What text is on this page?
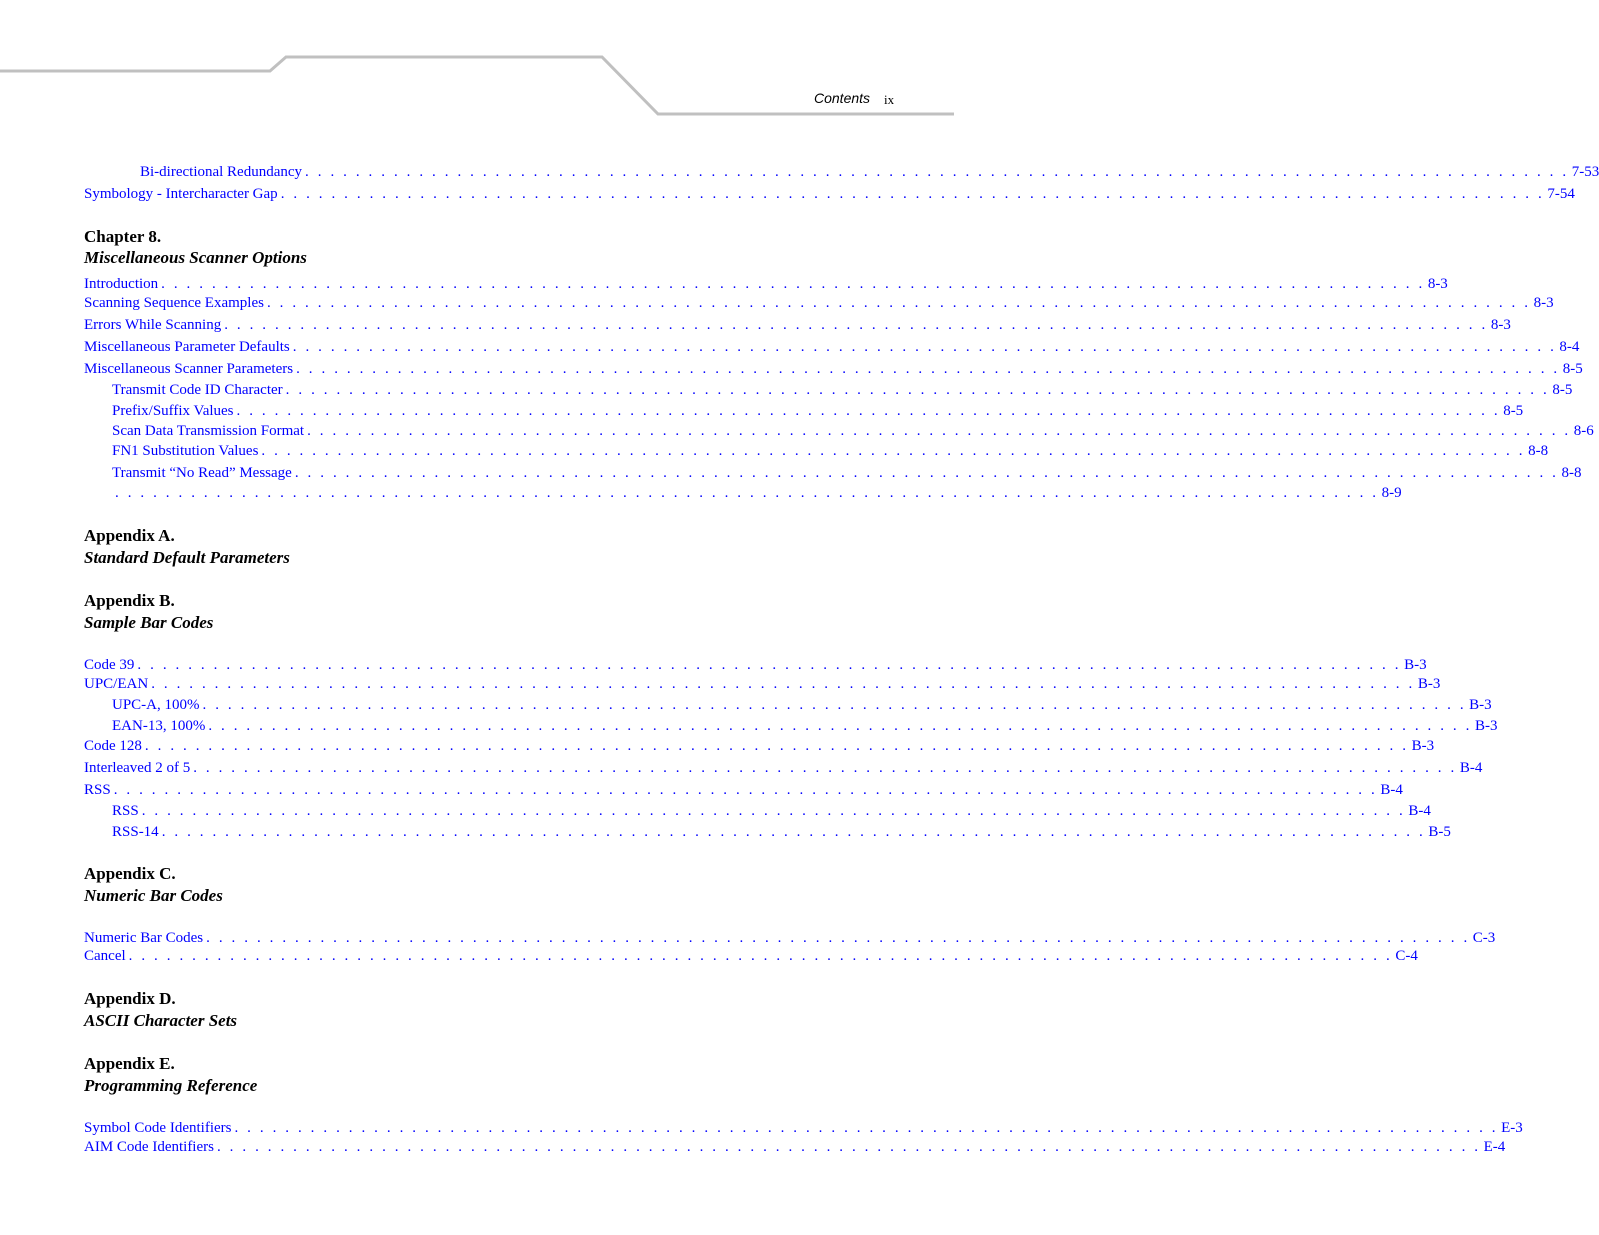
Contents ix
Bi-directional Redundancy . . . . . . . . . . . . . . . . . . . . . . . . . . . . . . . . . . . . . . . . . . . . . . . . . . . . . . . . . . . . . . . . . . . . . . . . . . . . . . . . . . . . . . . . . . . . . . . . . . . . 7-53
Symbology - Intercharacter Gap . . . . . . . . . . . . . . . . . . . . . . . . . . . . . . . . . . . . . . . . . . . . . . . . . . . . . . . . . . . . . . . . . . . . . . . . . . . . . . . . . . . . . . . . . . . . . . . . . . . . 7-54
Chapter 8.
Miscellaneous Scanner Options
Introduction . . . . . . . . . . . . . . . . . . . . . . . . . . . . . . . . . . . . . . . . . . . . . . . . . . . . . . . . . . . . . . . . . . . . . . . . . . . . . . . . . . . . . . . . . . . . . . . . . . . . 8-3
Scanning Sequence Examples . . . . . . . . . . . . . . . . . . . . . . . . . . . . . . . . . . . . . . . . . . . . . . . . . . . . . . . . . . . . . . . . . . . . . . . . . . . . . . . . . . . . . . . . . . . . . . . . . . . . 8-3
Errors While Scanning . . . . . . . . . . . . . . . . . . . . . . . . . . . . . . . . . . . . . . . . . . . . . . . . . . . . . . . . . . . . . . . . . . . . . . . . . . . . . . . . . . . . . . . . . . . . . . . . . . . . 8-3
Miscellaneous Parameter Defaults . . . . . . . . . . . . . . . . . . . . . . . . . . . . . . . . . . . . . . . . . . . . . . . . . . . . . . . . . . . . . . . . . . . . . . . . . . . . . . . . . . . . . . . . . . . . . . . . . . . . 8-4
Miscellaneous Scanner Parameters . . . . . . . . . . . . . . . . . . . . . . . . . . . . . . . . . . . . . . . . . . . . . . . . . . . . . . . . . . . . . . . . . . . . . . . . . . . . . . . . . . . . . . . . . . . . . . . . . . . . 8-5
Transmit Code ID Character . . . . . . . . . . . . . . . . . . . . . . . . . . . . . . . . . . . . . . . . . . . . . . . . . . . . . . . . . . . . . . . . . . . . . . . . . . . . . . . . . . . . . . . . . . . . . . . . . . . . 8-5
Prefix/Suffix Values . . . . . . . . . . . . . . . . . . . . . . . . . . . . . . . . . . . . . . . . . . . . . . . . . . . . . . . . . . . . . . . . . . . . . . . . . . . . . . . . . . . . . . . . . . . . . . . . . . . . 8-5
Scan Data Transmission Format . . . . . . . . . . . . . . . . . . . . . . . . . . . . . . . . . . . . . . . . . . . . . . . . . . . . . . . . . . . . . . . . . . . . . . . . . . . . . . . . . . . . . . . . . . . . . . . . . . . . 8-6
FN1 Substitution Values . . . . . . . . . . . . . . . . . . . . . . . . . . . . . . . . . . . . . . . . . . . . . . . . . . . . . . . . . . . . . . . . . . . . . . . . . . . . . . . . . . . . . . . . . . . . . . . . . . . . 8-8
Transmit “No Read” Message . . . . . . . . . . . . . . . . . . . . . . . . . . . . . . . . . . . . . . . . . . . . . . . . . . . . . . . . . . . . . . . . . . . . . . . . . . . . . . . . . . . . . . . . . . . . . . . . . . . . 8-8
. . . . . . . . . . . . . . . . . . . . . . . . . . . . . . . . . . . . . . . . . . . . . . . . . . . . . . . . . . . . . . . . . . . . . . . . . . . . . . . . . . . . . . . . . . . . . . . . . . . . 8-9
Appendix A.
Standard Default Parameters
Appendix B.
Sample Bar Codes
Code 39 . . . . . . . . . . . . . . . . . . . . . . . . . . . . . . . . . . . . . . . . . . . . . . . . . . . . . . . . . . . . . . . . . . . . . . . . . . . . . . . . . . . . . . . . . . . . . . . . . . . . B-3
UPC/EAN . . . . . . . . . . . . . . . . . . . . . . . . . . . . . . . . . . . . . . . . . . . . . . . . . . . . . . . . . . . . . . . . . . . . . . . . . . . . . . . . . . . . . . . . . . . . . . . . . . . . B-3
UPC-A, 100% . . . . . . . . . . . . . . . . . . . . . . . . . . . . . . . . . . . . . . . . . . . . . . . . . . . . . . . . . . . . . . . . . . . . . . . . . . . . . . . . . . . . . . . . . . . . . . . . . . . . B-3
EAN-13, 100% . . . . . . . . . . . . . . . . . . . . . . . . . . . . . . . . . . . . . . . . . . . . . . . . . . . . . . . . . . . . . . . . . . . . . . . . . . . . . . . . . . . . . . . . . . . . . . . . . . . . B-3
Code 128 . . . . . . . . . . . . . . . . . . . . . . . . . . . . . . . . . . . . . . . . . . . . . . . . . . . . . . . . . . . . . . . . . . . . . . . . . . . . . . . . . . . . . . . . . . . . . . . . . . . . B-3
Interleaved 2 of 5 . . . . . . . . . . . . . . . . . . . . . . . . . . . . . . . . . . . . . . . . . . . . . . . . . . . . . . . . . . . . . . . . . . . . . . . . . . . . . . . . . . . . . . . . . . . . . . . . . . . . B-4
RSS . . . . . . . . . . . . . . . . . . . . . . . . . . . . . . . . . . . . . . . . . . . . . . . . . . . . . . . . . . . . . . . . . . . . . . . . . . . . . . . . . . . . . . . . . . . . . . . . . . . . B-4
RSS . . . . . . . . . . . . . . . . . . . . . . . . . . . . . . . . . . . . . . . . . . . . . . . . . . . . . . . . . . . . . . . . . . . . . . . . . . . . . . . . . . . . . . . . . . . . . . . . . . . . B-4
RSS-14 . . . . . . . . . . . . . . . . . . . . . . . . . . . . . . . . . . . . . . . . . . . . . . . . . . . . . . . . . . . . . . . . . . . . . . . . . . . . . . . . . . . . . . . . . . . . . . . . . . . . B-5
Appendix C.
Numeric Bar Codes
Numeric Bar Codes . . . . . . . . . . . . . . . . . . . . . . . . . . . . . . . . . . . . . . . . . . . . . . . . . . . . . . . . . . . . . . . . . . . . . . . . . . . . . . . . . . . . . . . . . . . . . . . . . . . . C-3
Cancel . . . . . . . . . . . . . . . . . . . . . . . . . . . . . . . . . . . . . . . . . . . . . . . . . . . . . . . . . . . . . . . . . . . . . . . . . . . . . . . . . . . . . . . . . . . . . . . . . . . . C-4
Appendix D.
ASCII Character Sets
Appendix E.
Programming Reference
Symbol Code Identifiers . . . . . . . . . . . . . . . . . . . . . . . . . . . . . . . . . . . . . . . . . . . . . . . . . . . . . . . . . . . . . . . . . . . . . . . . . . . . . . . . . . . . . . . . . . . . . . . . . . . . E-3
AIM Code Identifiers . . . . . . . . . . . . . . . . . . . . . . . . . . . . . . . . . . . . . . . . . . . . . . . . . . . . . . . . . . . . . . . . . . . . . . . . . . . . . . . . . . . . . . . . . . . . . . . . . . . . E-4
